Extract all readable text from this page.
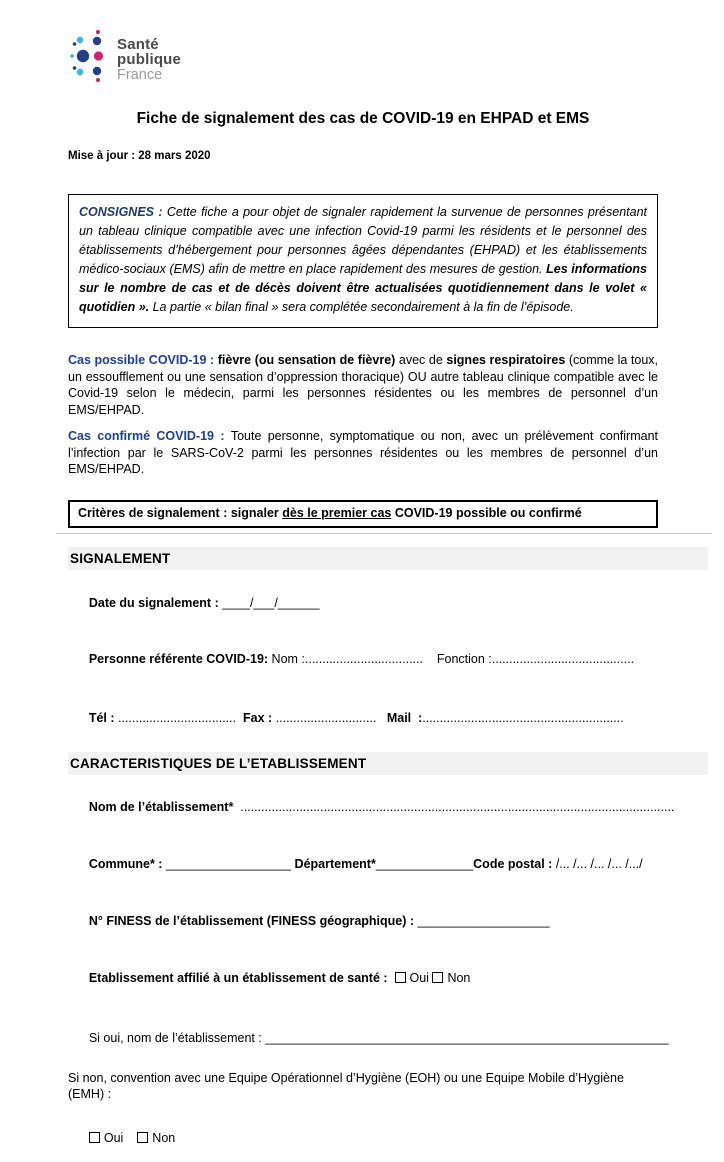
Santé
publique
France
Fiche de signalement des cas de COVID-19 en EHPAD et EMS
Mise à jour : 28 mars 2020
CONSIGNES : Cette fiche a pour objet de signaler rapidement la survenue de personnes présentant un tableau clinique compatible avec une infection Covid-19 parmi les résidents et le personnel des établissements d’hébergement pour personnes âgées dépendantes (EHPAD) et les établissements médico-sociaux (EMS) afin de mettre en place rapidement des mesures de gestion. Les informations sur le nombre de cas et de décès doivent être actualisées quotidiennement dans le volet « quotidien ». La partie « bilan final » sera complétée secondairement à la fin de l’épisode.
Cas possible COVID-19 : fièvre (ou sensation de fièvre) avec de signes respiratoires (comme la toux, un essoufflement ou une sensation d’oppression thoracique) OU autre tableau clinique compatible avec le Covid-19 selon le médecin, parmi les personnes résidentes ou les membres de personnel d’un EMS/EHPAD.
Cas confirmé COVID-19 : Toute personne, symptomatique ou non, avec un prélèvement confirmant l’infection par le SARS-CoV-2 parmi les personnes résidentes ou les membres de personnel d’un EMS/EHPAD.
Critères de signalement : signaler dès le premier cas COVID-19 possible ou confirmé
SIGNALEMENT

Date du signalement : ____/___/______

Personne référente COVID-19: Nom :..................................    Fonction :.........................................

Tél : ..................................  Fax : .............................   Mail  :..........................................................

CARACTERISTIQUES DE L’ETABLISSEMENT

Nom de l’établissement*  .............................................................................................................................

Commune* : __________________ Département*______________Code postal : /... /... /... /... /.../

N° FINESS de l’établissement (FINESS géographique) : ___________________

Etablissement affilié à un établissement de santé :  Oui Non

Si oui, nom de l’établissement : __________________________________________________________

Si non, convention avec une Equipe Opérationnel d’Hygiène (EOH) ou une Equipe Mobile d’Hygiène (EMH) :

Oui Non
